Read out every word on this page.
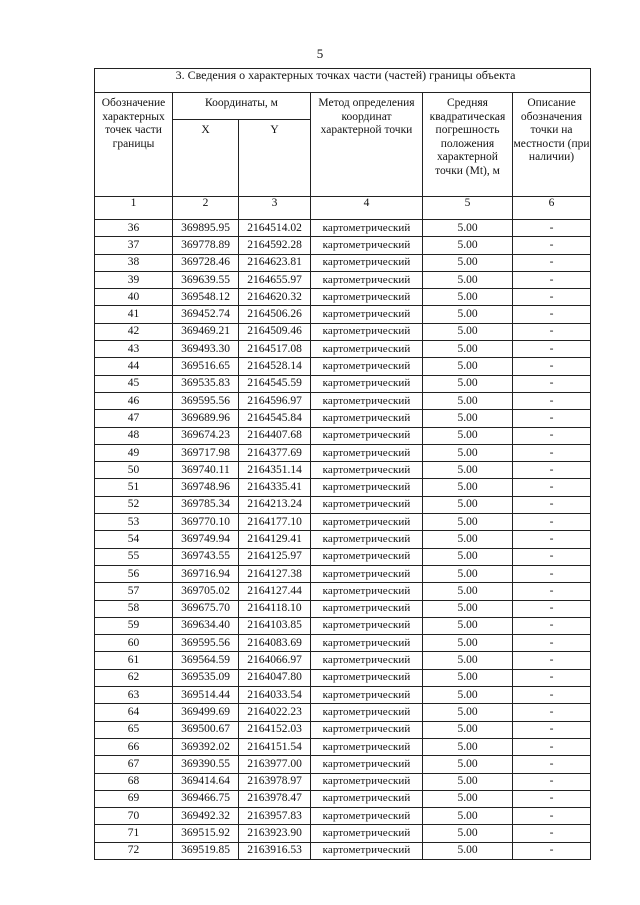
5
3. Сведения о характерных точках части (частей) границы объекта					
Обозначение характерных точек части границы	Координаты, м		Метод определения координат характерной точки	Средняя квадратическая погрешность положения характерной точки (Mt), м	Описание обозначения точки на местности (при наличии)
	X	Y			
1	2	3	4	5	6
36	369895.95	2164514.02	картометрический	5.00	-
37	369778.89	2164592.28	картометрический	5.00	-
38	369728.46	2164623.81	картометрический	5.00	-
39	369639.55	2164655.97	картометрический	5.00	-
40	369548.12	2164620.32	картометрический	5.00	-
41	369452.74	2164506.26	картометрический	5.00	-
42	369469.21	2164509.46	картометрический	5.00	-
43	369493.30	2164517.08	картометрический	5.00	-
44	369516.65	2164528.14	картометрический	5.00	-
45	369535.83	2164545.59	картометрический	5.00	-
46	369595.56	2164596.97	картометрический	5.00	-
47	369689.96	2164545.84	картометрический	5.00	-
48	369674.23	2164407.68	картометрический	5.00	-
49	369717.98	2164377.69	картометрический	5.00	-
50	369740.11	2164351.14	картометрический	5.00	-
51	369748.96	2164335.41	картометрический	5.00	-
52	369785.34	2164213.24	картометрический	5.00	-
53	369770.10	2164177.10	картометрический	5.00	-
54	369749.94	2164129.41	картометрический	5.00	-
55	369743.55	2164125.97	картометрический	5.00	-
56	369716.94	2164127.38	картометрический	5.00	-
57	369705.02	2164127.44	картометрический	5.00	-
58	369675.70	2164118.10	картометрический	5.00	-
59	369634.40	2164103.85	картометрический	5.00	-
60	369595.56	2164083.69	картометрический	5.00	-
61	369564.59	2164066.97	картометрический	5.00	-
62	369535.09	2164047.80	картометрический	5.00	-
63	369514.44	2164033.54	картометрический	5.00	-
64	369499.69	2164022.23	картометрический	5.00	-
65	369500.67	2164152.03	картометрический	5.00	-
66	369392.02	2164151.54	картометрический	5.00	-
67	369390.55	2163977.00	картометрический	5.00	-
68	369414.64	2163978.97	картометрический	5.00	-
69	369466.75	2163978.47	картометрический	5.00	-
70	369492.32	2163957.83	картометрический	5.00	-
71	369515.92	2163923.90	картометрический	5.00	-
72	369519.85	2163916.53	картометрический	5.00	-
